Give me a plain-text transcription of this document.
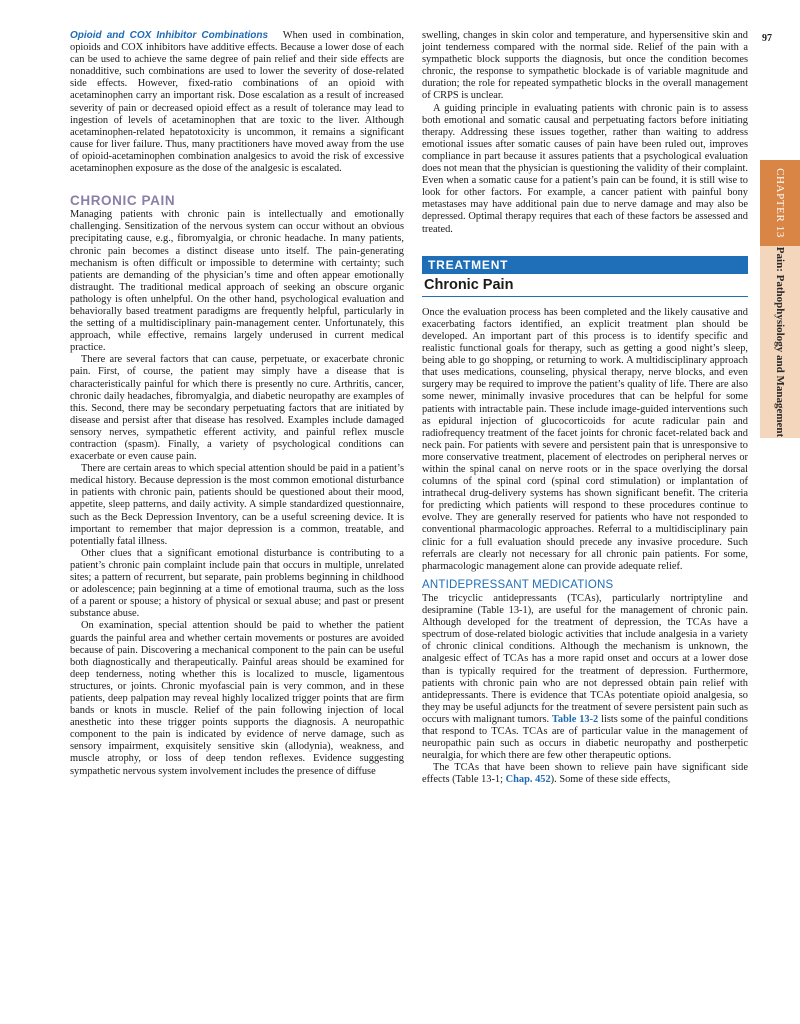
97
CHAPTER 13
Pain: Pathophysiology and Management

Opioid and COX Inhibitor Combinations When used in combination, opioids and COX inhibitors have additive effects. Because a lower dose of each can be used to achieve the same degree of pain relief and their side effects are nonadditive, such combinations are used to lower the severity of dose-related side effects. However, fixed-ratio combinations of an opioid with acetaminophen carry an important risk. Dose escalation as a result of increased severity of pain or decreased opioid effect as a result of tolerance may lead to ingestion of levels of acetaminophen that are toxic to the liver. Although acetaminophen-related hepatotoxicity is uncommon, it remains a significant cause for liver failure. Thus, many practitioners have moved away from the use of opioid-acetaminophen combination analgesics to avoid the risk of excessive acetaminophen exposure as the dose of the analgesic is escalated.

CHRONIC PAIN

Managing patients with chronic pain is intellectually and emotionally challenging. Sensitization of the nervous system can occur without an obvious precipitating cause, e.g., fibromyalgia, or chronic headache. In many patients, chronic pain becomes a distinct disease unto itself. The pain-generating mechanism is often difficult or impossible to determine with certainty; such patients are demanding of the physician’s time and often appear emotionally distraught. The traditional medical approach of seeking an obscure organic pathology is often unhelpful. On the other hand, psychological evaluation and behaviorally based treatment paradigms are frequently helpful, particularly in the setting of a multidisciplinary pain-management center. Unfortunately, this approach, while effective, remains largely underused in current medical practice.

There are several factors that can cause, perpetuate, or exacerbate chronic pain. First, of course, the patient may simply have a disease that is characteristically painful for which there is presently no cure. Arthritis, cancer, chronic daily headaches, fibromyalgia, and diabetic neuropathy are examples of this. Second, there may be secondary perpetuating factors that are initiated by disease and persist after that disease has resolved. Examples include damaged sensory nerves, sympathetic efferent activity, and painful reflex muscle contraction (spasm). Finally, a variety of psychological conditions can exacerbate or even cause pain.

There are certain areas to which special attention should be paid in a patient’s medical history. Because depression is the most common emotional disturbance in patients with chronic pain, patients should be questioned about their mood, appetite, sleep patterns, and daily activity. A simple standardized questionnaire, such as the Beck Depression Inventory, can be a useful screening device. It is important to remember that major depression is a common, treatable, and potentially fatal illness.

Other clues that a significant emotional disturbance is contributing to a patient’s chronic pain complaint include pain that occurs in multiple, unrelated sites; a pattern of recurrent, but separate, pain problems beginning in childhood or adolescence; pain beginning at a time of emotional trauma, such as the loss of a parent or spouse; a history of physical or sexual abuse; and past or present substance abuse.

On examination, special attention should be paid to whether the patient guards the painful area and whether certain movements or postures are avoided because of pain. Discovering a mechanical component to the pain can be useful both diagnostically and therapeutically. Painful areas should be examined for deep tenderness, noting whether this is localized to muscle, ligamentous structures, or joints. Chronic myofascial pain is very common, and in these patients, deep palpation may reveal highly localized trigger points that are firm bands or knots in muscle. Relief of the pain following injection of local anesthetic into these trigger points supports the diagnosis. A neuropathic component to the pain is indicated by evidence of nerve damage, such as sensory impairment, exquisitely sensitive skin (allodynia), weakness, and muscle atrophy, or loss of deep tendon reflexes. Evidence suggesting sympathetic nervous system involvement includes the presence of diffuse

swelling, changes in skin color and temperature, and hypersensitive skin and joint tenderness compared with the normal side. Relief of the pain with a sympathetic block supports the diagnosis, but once the condition becomes chronic, the response to sympathetic blockade is of variable magnitude and duration; the role for repeated sympathetic blocks in the overall management of CRPS is unclear.

A guiding principle in evaluating patients with chronic pain is to assess both emotional and somatic causal and perpetuating factors before initiating therapy. Addressing these issues together, rather than waiting to address emotional issues after somatic causes of pain have been ruled out, improves compliance in part because it assures patients that a psychological evaluation does not mean that the physician is questioning the validity of their complaint. Even when a somatic cause for a patient’s pain can be found, it is still wise to look for other factors. For example, a cancer patient with painful bony metastases may have additional pain due to nerve damage and may also be depressed. Optimal therapy requires that each of these factors be assessed and treated.

TREATMENT
Chronic Pain

Once the evaluation process has been completed and the likely causative and exacerbating factors identified, an explicit treatment plan should be developed. An important part of this process is to identify specific and realistic functional goals for therapy, such as getting a good night’s sleep, being able to go shopping, or returning to work. A multidisciplinary approach that uses medications, counseling, physical therapy, nerve blocks, and even surgery may be required to improve the patient’s quality of life. There are also some newer, minimally invasive procedures that can be helpful for some patients with intractable pain. These include image-guided interventions such as epidural injection of glucocorticoids for acute radicular pain and radiofrequency treatment of the facet joints for chronic facet-related back and neck pain. For patients with severe and persistent pain that is unresponsive to more conservative treatment, placement of electrodes on peripheral nerves or within the spinal canal on nerve roots or in the space overlying the dorsal columns of the spinal cord (spinal cord stimulation) or implantation of intrathecal drug-delivery systems has shown significant benefit. The criteria for predicting which patients will respond to these procedures continue to evolve. They are generally reserved for patients who have not responded to conventional pharmacologic approaches. Referral to a multidisciplinary pain clinic for a full evaluation should precede any invasive procedure. Such referrals are clearly not necessary for all chronic pain patients. For some, pharmacologic management alone can provide adequate relief.

ANTIDEPRESSANT MEDICATIONS

The tricyclic antidepressants (TCAs), particularly nortriptyline and desipramine (Table 13-1), are useful for the management of chronic pain. Although developed for the treatment of depression, the TCAs have a spectrum of dose-related biologic activities that include analgesia in a variety of chronic clinical conditions. Although the mechanism is unknown, the analgesic effect of TCAs has a more rapid onset and occurs at a lower dose than is typically required for the treatment of depression. Furthermore, patients with chronic pain who are not depressed obtain pain relief with antidepressants. There is evidence that TCAs potentiate opioid analgesia, so they may be useful adjuncts for the treatment of severe persistent pain such as occurs with malignant tumors. Table 13-2 lists some of the painful conditions that respond to TCAs. TCAs are of particular value in the management of neuropathic pain such as occurs in diabetic neuropathy and postherpetic neuralgia, for which there are few other therapeutic options.

The TCAs that have been shown to relieve pain have significant side effects (Table 13-1; Chap. 452). Some of these side effects,
